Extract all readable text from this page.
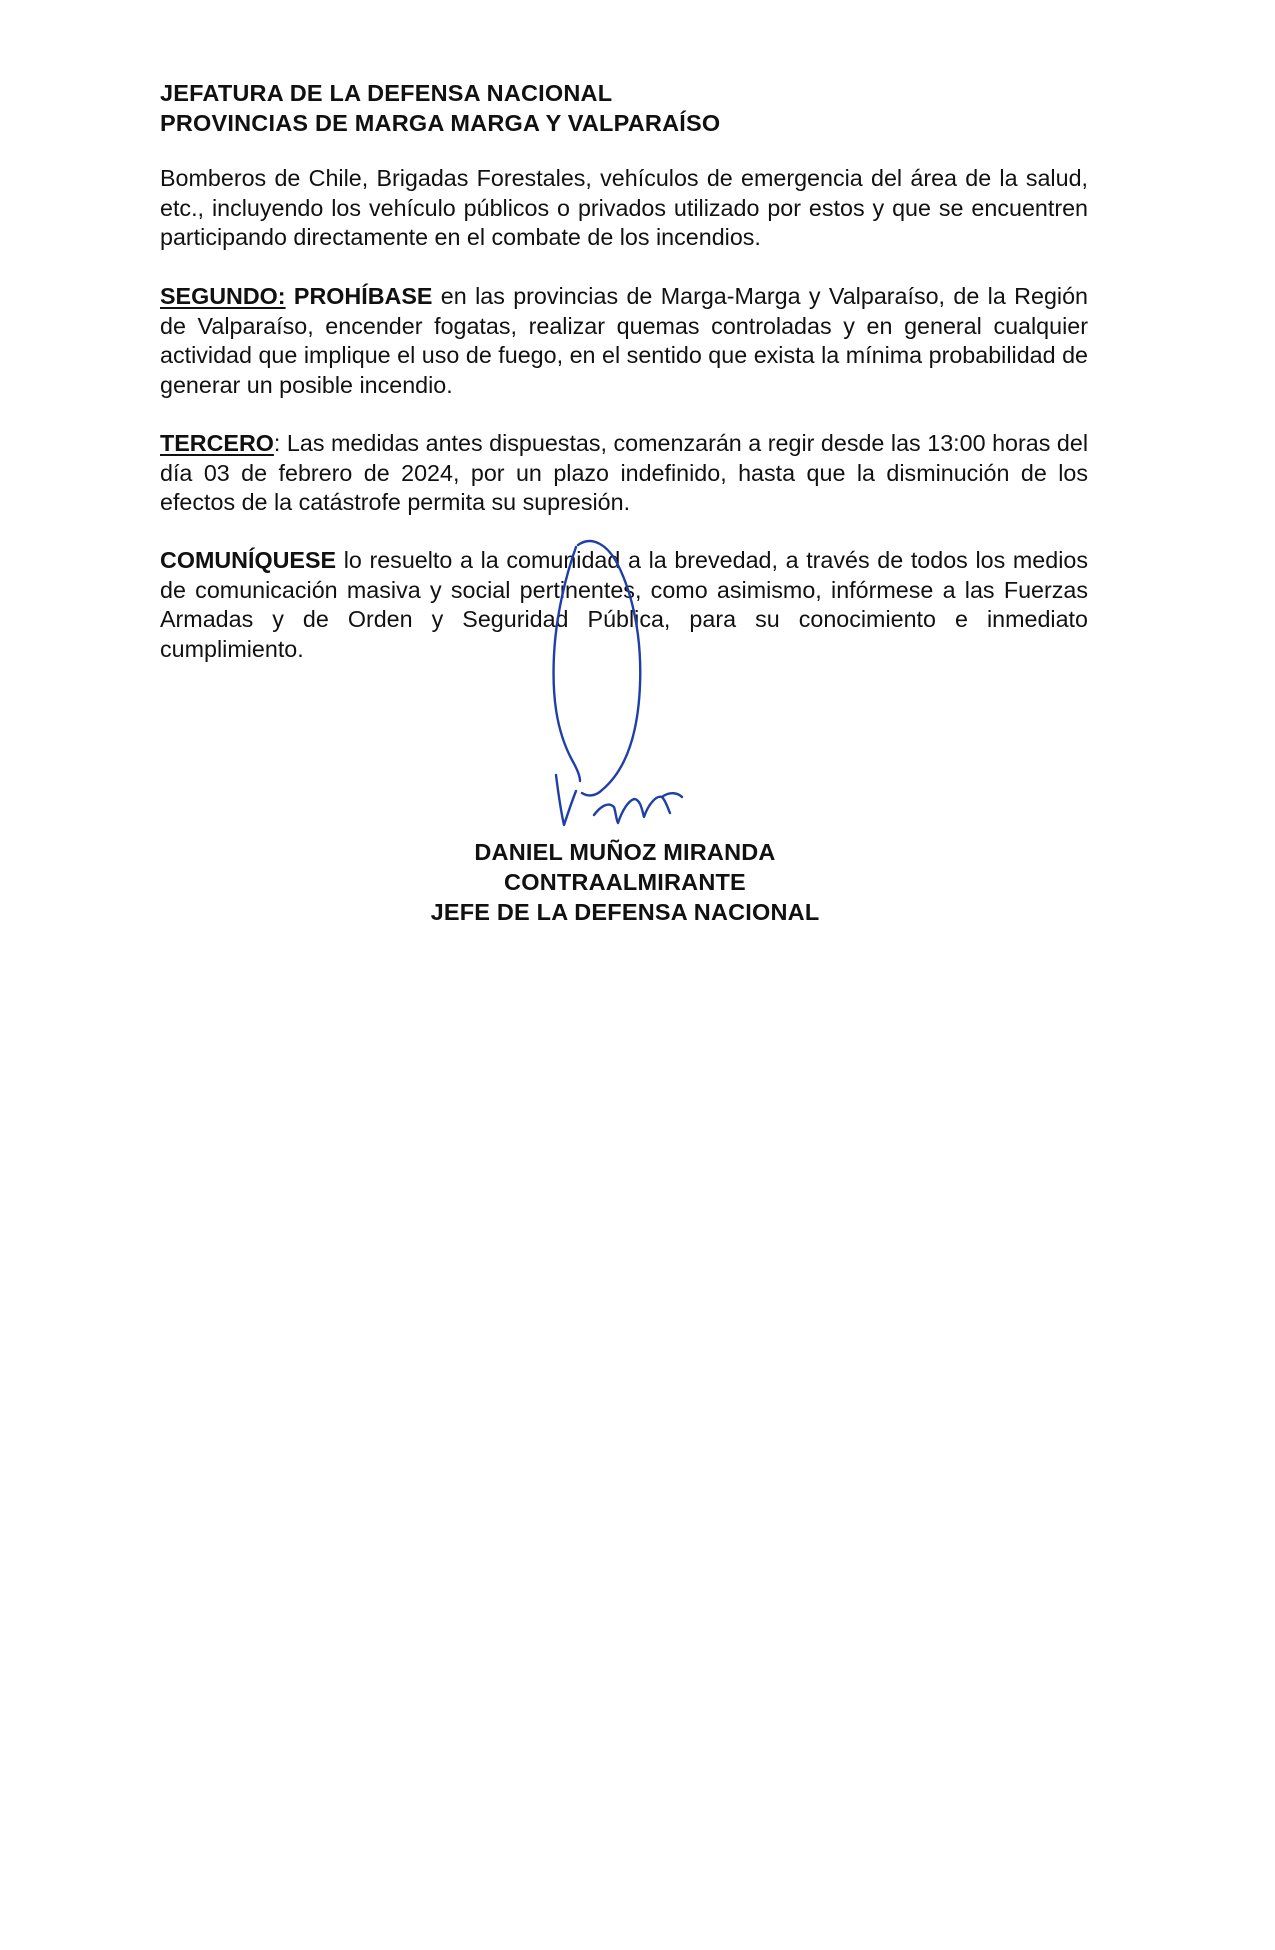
JEFATURA DE LA DEFENSA NACIONAL
PROVINCIAS DE MARGA MARGA Y VALPARAÍSO
Bomberos de Chile, Brigadas Forestales, vehículos de emergencia del área de la salud, etc., incluyendo los vehículo públicos o privados utilizado por estos y que se encuentren participando directamente en el combate de los incendios.
SEGUNDO: PROHÍBASE en las provincias de Marga-Marga y Valparaíso, de la Región de Valparaíso, encender fogatas, realizar quemas controladas y en general cualquier actividad que implique el uso de fuego, en el sentido que exista la mínima probabilidad de generar un posible incendio.
TERCERO: Las medidas antes dispuestas, comenzarán a regir desde las 13:00 horas del día 03 de febrero de 2024, por un plazo indefinido, hasta que la disminución de los efectos de la catástrofe permita su supresión.
COMUNÍQUESE lo resuelto a la comunidad a la brevedad, a través de todos los medios de comunicación masiva y social pertinentes, como asimismo, infórmese a las Fuerzas Armadas y de Orden y Seguridad Pública, para su conocimiento e inmediato cumplimiento.
DANIEL MUÑOZ MIRANDA
CONTRAALMIRANTE
JEFE DE LA DEFENSA NACIONAL
